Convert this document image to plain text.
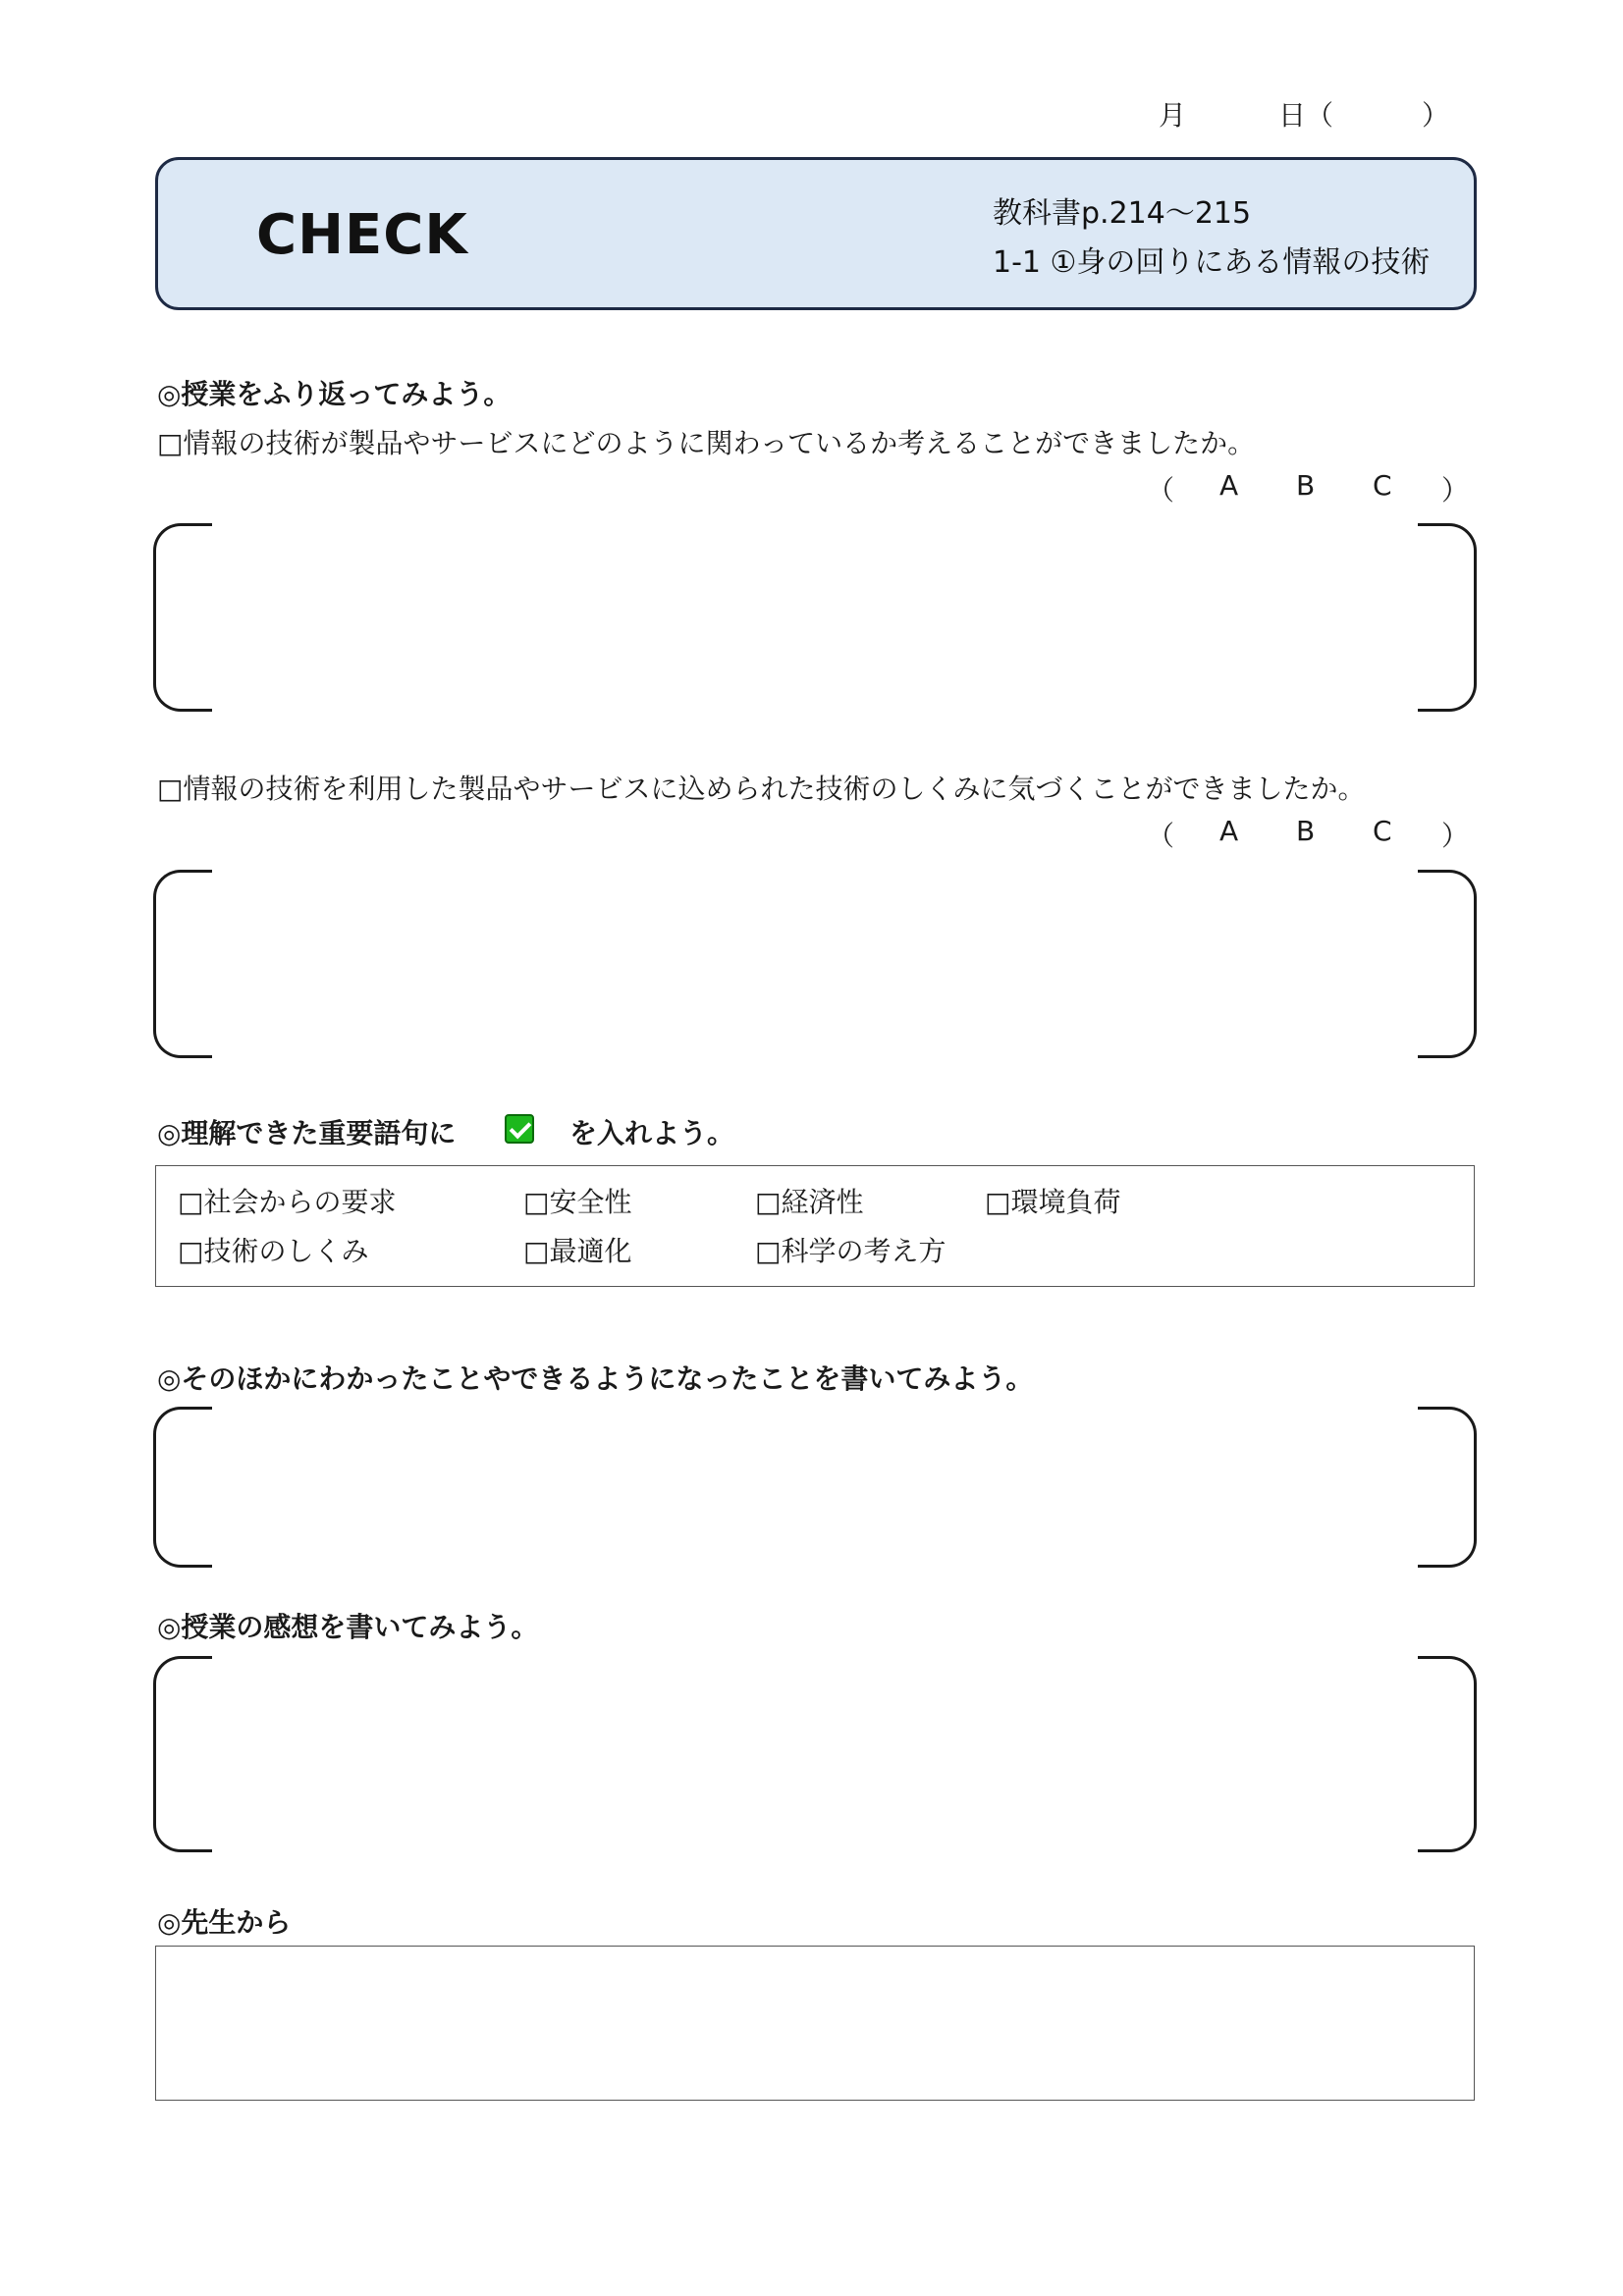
月	日（	）
CHECK	教科書p.214～215
1-1 ①身の回りにある情報の技術
◎授業をふり返ってみよう。
□情報の技術が製品やサービスにどのように関わっているか考えることができましたか。
（ A B C ）
□情報の技術を利用した製品やサービスに込められた技術のしくみに気づくことができましたか。
（ A B C ）
◎理解できた重要語句に	を入れよう。
□社会からの要求	□安全性	□経済性	□環境負荷
□技術のしくみ	□最適化	□科学の考え方
◎そのほかにわかったことやできるようになったことを書いてみよう。
◎授業の感想を書いてみよう。
◎先生から
